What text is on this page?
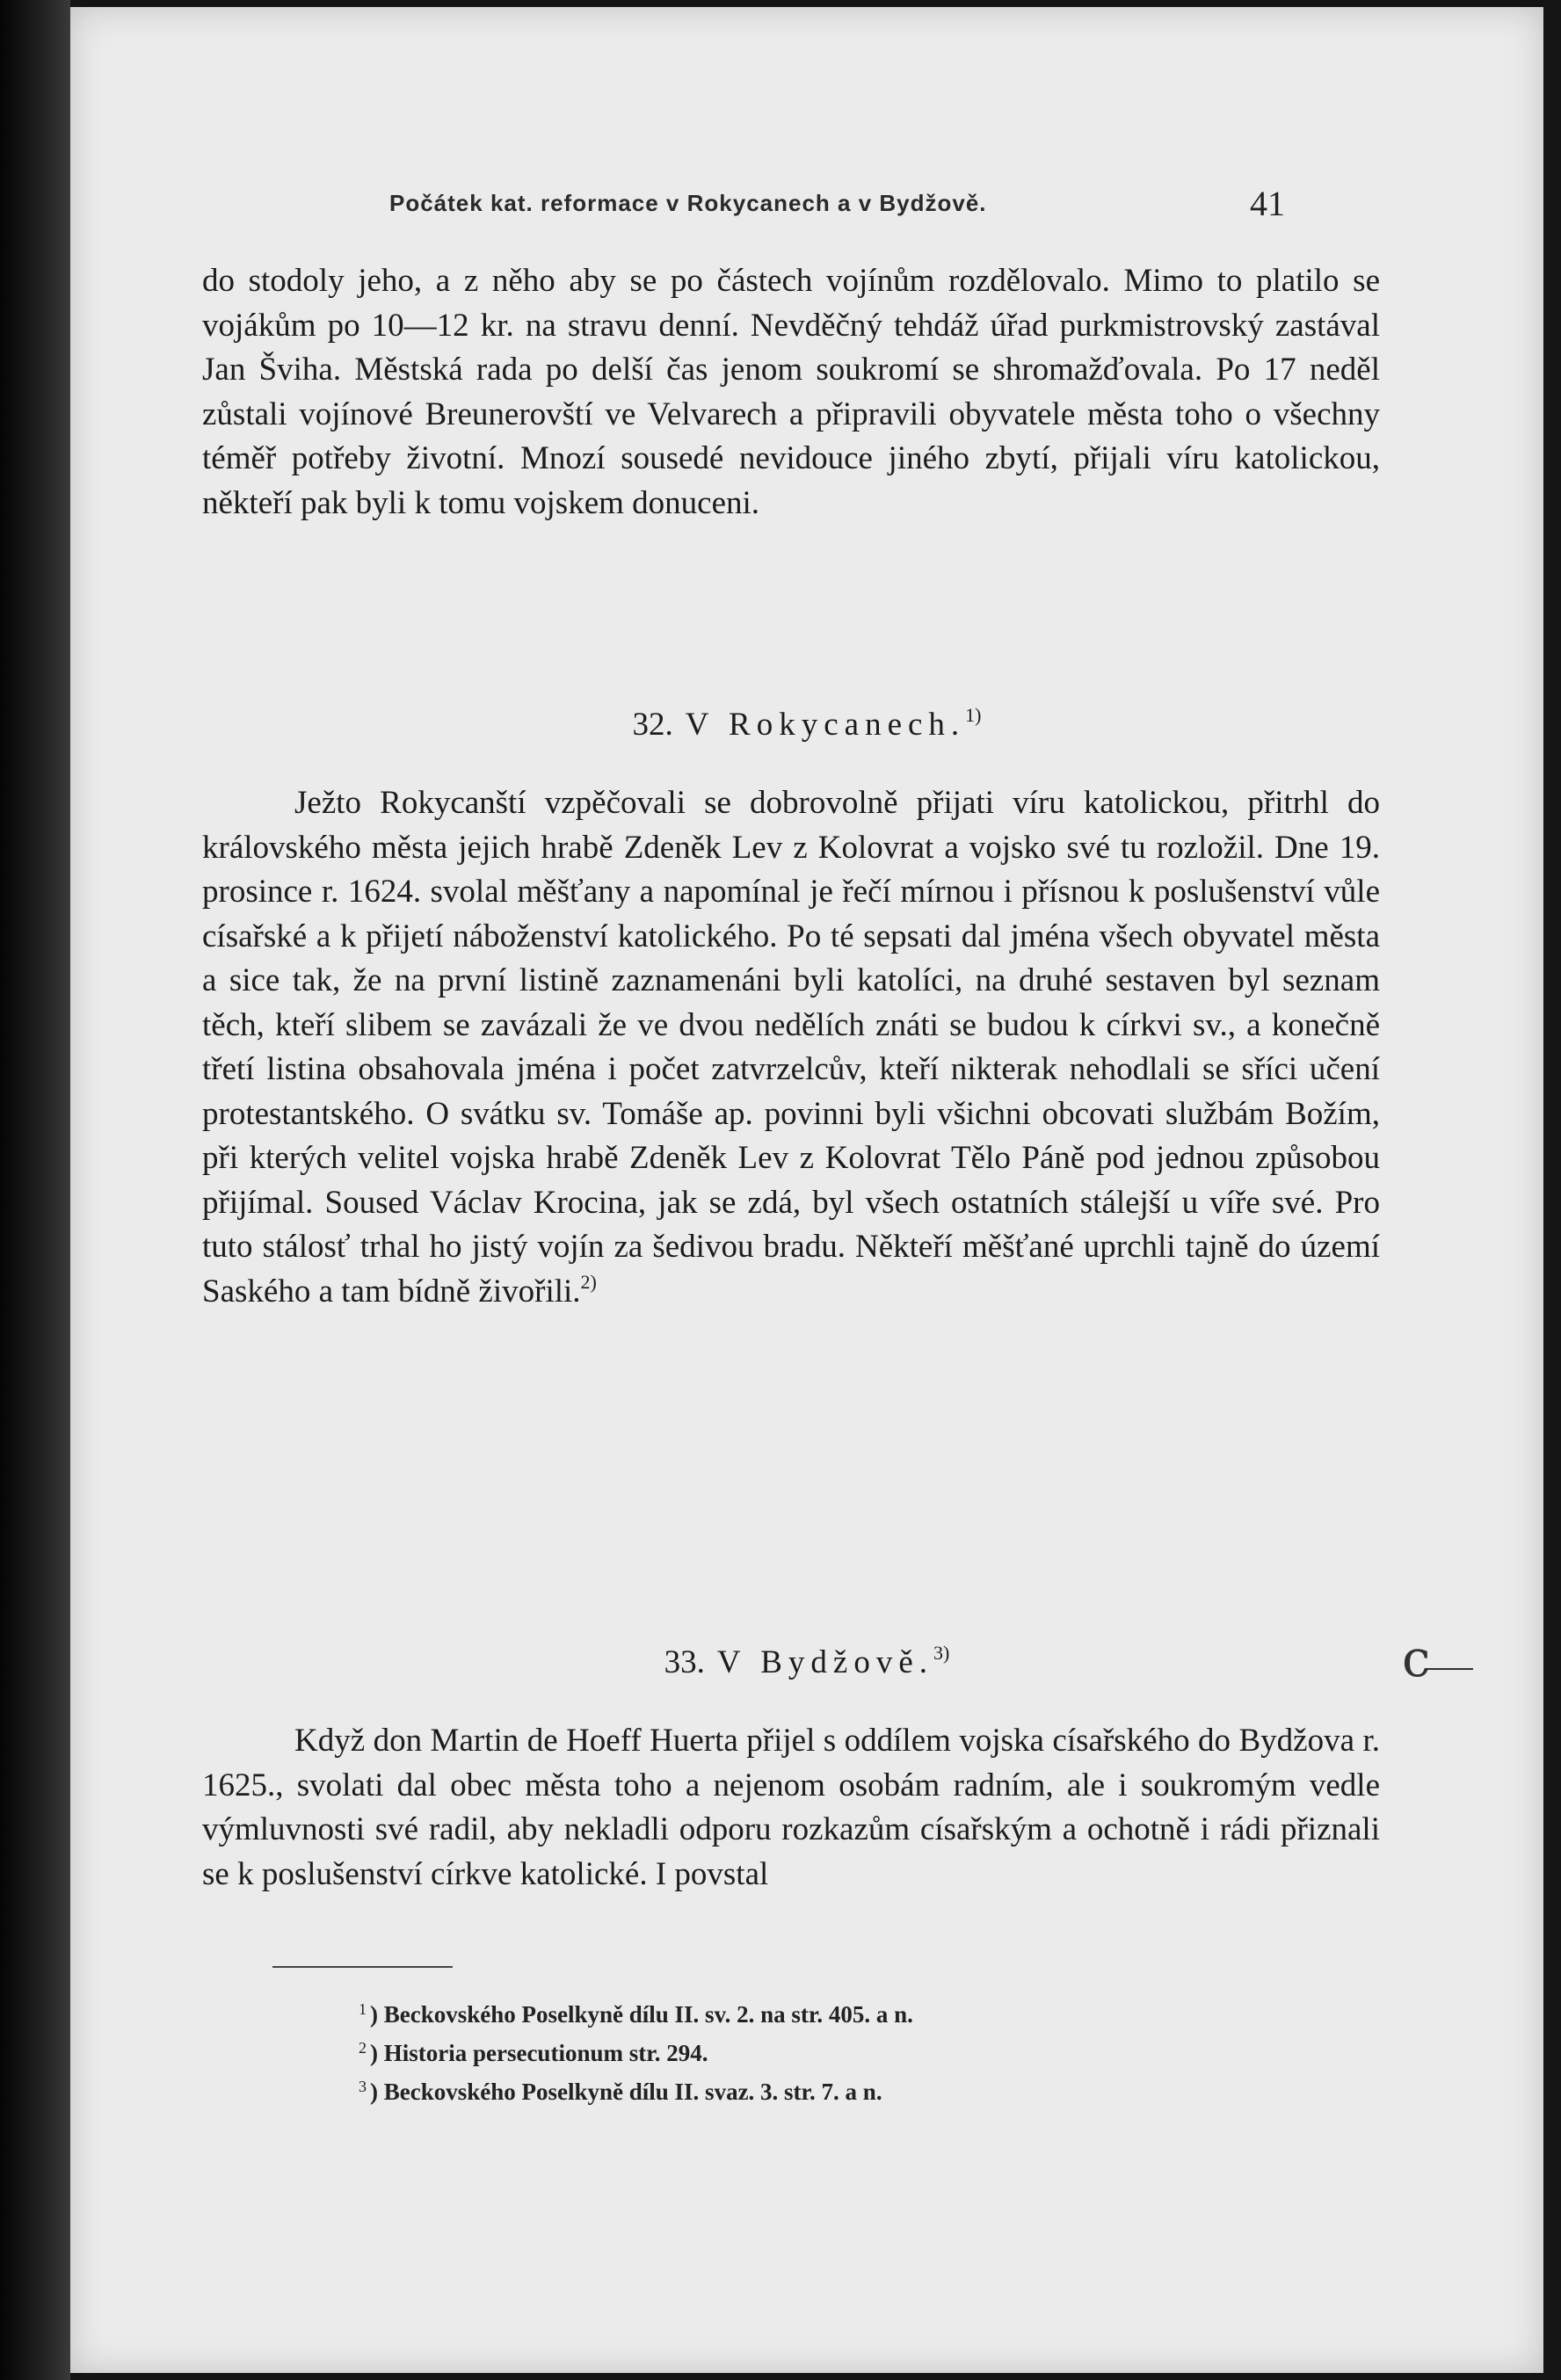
Počátek kat. reformace v Rokycanech a v Bydžově.	41

do stodoly jeho, a z něho aby se po částech vojínům rozdělovalo. Mimo to platilo se vojákům po 10—12 kr. na stravu denní. Nevděčný tehdáž úřad purkmistrovský zastával Jan Šviha. Městská rada po delší čas jenom soukromí se shromažďovala. Po 17 neděl zůstali vojínové Breunerovští ve Velvarech a připravili obyvatele města toho o všechny téměř potřeby životní. Mnozí sousedé nevidouce jiného zbytí, přijali víru katolickou, někteří pak byli k tomu vojskem donuceni.

32. V Rokycanech.$^{1)}$

Ježto Rokycanští vzpěčovali se dobrovolně přijati víru katolickou, přitrhl do královského města jejich hrabě Zdeněk Lev z Kolovrat a vojsko své tu rozložil. Dne 19. prosince r. 1624. svolal měšťany a napomínal je řečí mírnou i přísnou k poslušenství vůle císařské a k přijetí náboženství katolického. Po té sepsati dal jména všech obyvatel města a sice tak, že na první listině zaznamenáni byli katolíci, na druhé sestaven byl seznam těch, kteří slibem se zavázali že ve dvou nedělích znáti se budou k církvi sv., a konečně třetí listina obsahovala jména i počet zatvrzelcův, kteří nikterak nehodlali se sříci učení protestantského. O svátku sv. Tomáše ap. povinni byli všichni obcovati službám Božím, při kterých velitel vojska hrabě Zdeněk Lev z Kolovrat Tělo Páně pod jednou způsobou přijímal. Soused Václav Krocina, jak se zdá, byl všech ostatních stálejší u víře své. Pro tuto stálosť trhal ho jistý vojín za šedivou bradu. Někteří měšťané uprchli tajně do území Saského a tam bídně živořili.$^{2)}$

33. V Bydžově.$^{3)}$

Když don Martin de Hoeff Huerta přijel s oddílem vojska císařského do Bydžova r. 1625., svolati dal obec města toho a nejenom osobám radním, ale i soukromým vedle výmluvnosti své radil, aby nekladli odporu rozkazům císařským a ochotně i rádi přiznali se k poslušenství církve katolické. I povstal

$^1$ ) Beckovského Poselkyně dílu II. sv. 2. na str. 405. a n.
$^2$ ) Historia persecutionum str. 294.
$^3$ ) Beckovského Poselkyně dílu II. svaz. 3. str. 7. a n.
c
